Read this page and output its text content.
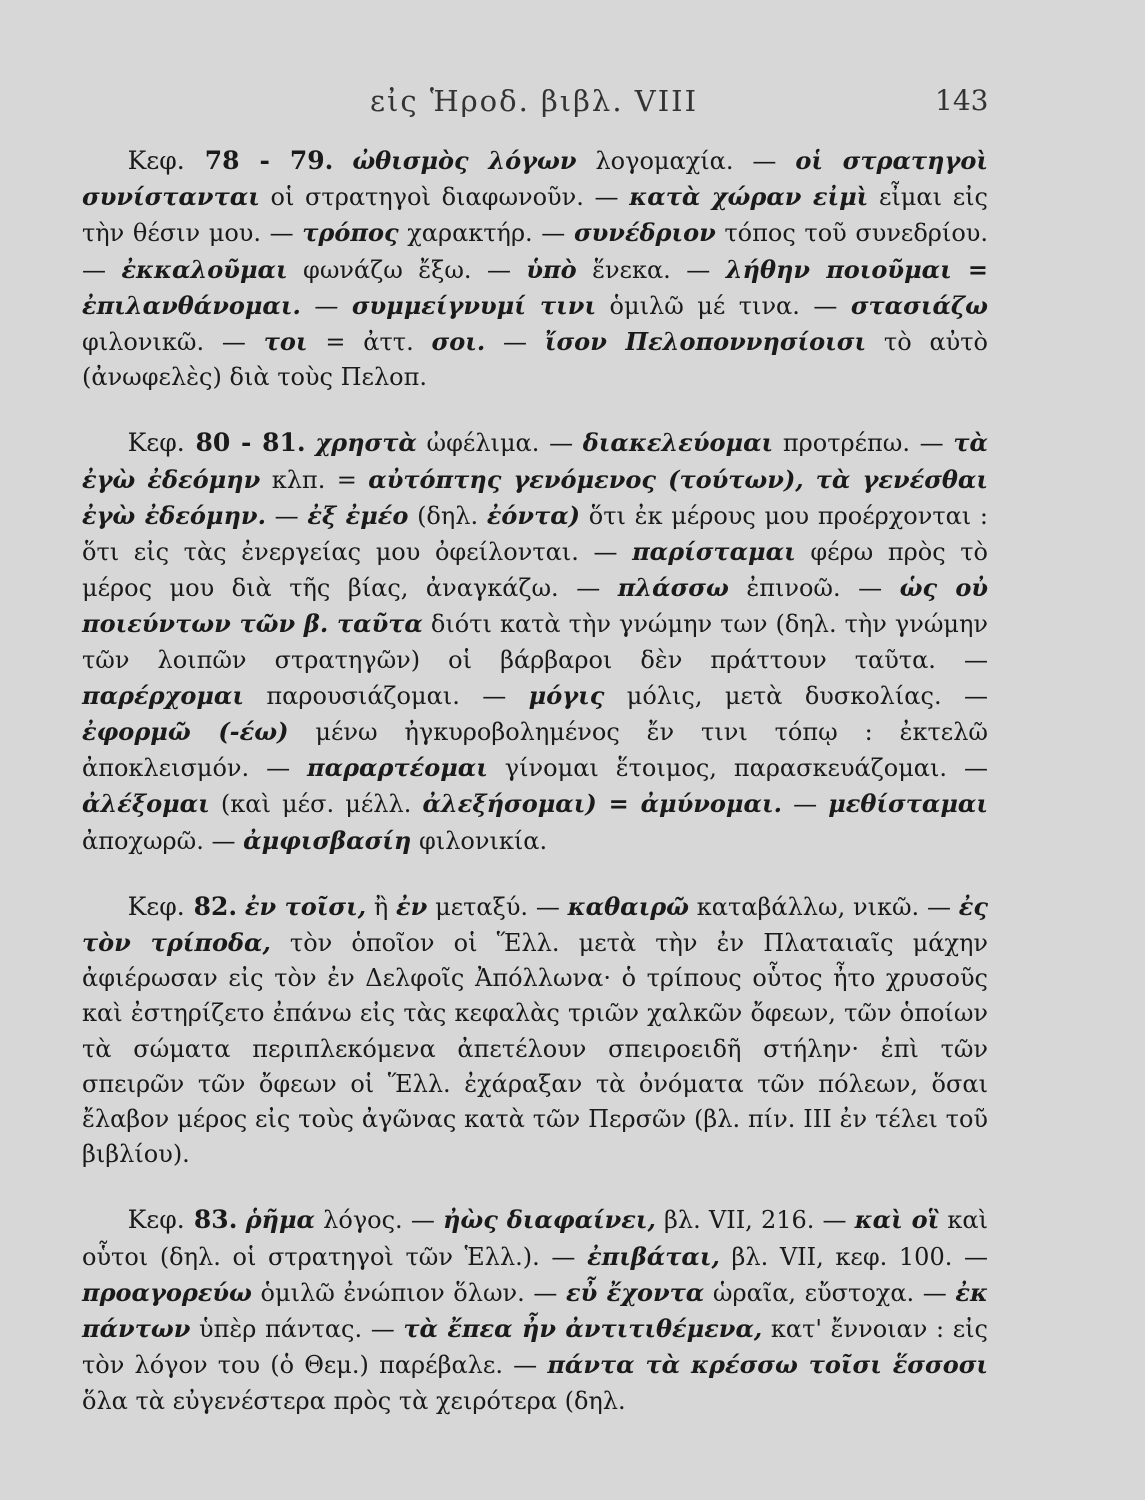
εἰς Ἡροδ. βιβλ. VIII	143

Κεφ. 78 - 79. ὠθισμὸς λόγων λογομαχία. — οἱ στρατηγοὶ συνίστανται οἱ στρατηγοὶ διαφωνοῦν. — κατὰ χώραν εἰμὶ εἶμαι εἰς τὴν θέσιν μου. — τρόπος χαρακτήρ. — συνέδριον τόπος τοῦ συνεδρίου. — ἐκκαλοῦμαι φωνάζω ἔξω. — ὑπὸ ἕνεκα. — λήθην ποιοῦμαι = ἐπιλανθάνομαι. — συμμείγνυμί τινι ὁμιλῶ μέ τινα. — στασιάζω φιλονικῶ. — τοι = ἀττ. σοι. — ἴσον Πελοποννησίοισι τὸ αὐτὸ (ἀνωφελὲς) διὰ τοὺς Πελοπ.

Κεφ. 80 - 81. χρηστὰ ὠφέλιμα. — διακελεύομαι προτρέπω. — τὰ ἐγὼ ἐδεόμην κλπ. = αὐτόπτης γενόμενος (τούτων), τὰ γενέσθαι ἐγὼ ἐδεόμην. — ἐξ ἐμέο (δηλ. ἐόντα) ὅτι ἐκ μέρους μου προέρχονται : ὅτι εἰς τὰς ἐνεργείας μου ὀφείλονται. — παρίσταμαι φέρω πρὸς τὸ μέρος μου διὰ τῆς βίας, ἀναγκάζω. — πλάσσω ἐπινοῶ. — ὡς οὐ ποιεύντων τῶν β. ταῦτα διότι κατὰ τὴν γνώμην των (δηλ. τὴν γνώμην τῶν λοιπῶν στρατηγῶν) οἱ βάρβαροι δὲν πράττουν ταῦτα. — παρέρχομαι παρουσιάζομαι. — μόγις μόλις, μετὰ δυσκολίας. — ἐφορμῶ (-έω) μένω ἠγκυροβολημένος ἔν τινι τόπῳ : ἐκτελῶ ἀποκλεισμόν. — παραρτέομαι γίνομαι ἕτοιμος, παρασκευάζομαι. — ἀλέξομαι (καὶ μέσ. μέλλ. ἀλεξήσομαι) = ἀμύνομαι. — μεθίσταμαι ἀποχωρῶ. — ἀμφισβασίη φιλονικία.

Κεφ. 82. ἐν τοῖσι, ἢ ἐν μεταξύ. — καθαιρῶ καταβάλλω, νικῶ. — ἐς τὸν τρίποδα, τὸν ὁποῖον οἱ Ἕλλ. μετὰ τὴν ἐν Πλαταιαῖς μάχην ἀφιέρωσαν εἰς τὸν ἐν Δελφοῖς Ἀπόλλωνα· ὁ τρίπους οὗτος ἦτο χρυσοῦς καὶ ἐστηρίζετο ἐπάνω εἰς τὰς κεφαλὰς τριῶν χαλκῶν ὄφεων, τῶν ὁποίων τὰ σώματα περιπλεκόμενα ἀπετέλουν σπειροειδῆ στήλην· ἐπὶ τῶν σπειρῶν τῶν ὄφεων οἱ Ἕλλ. ἐχάραξαν τὰ ὀνόματα τῶν πόλεων, ὅσαι ἔλαβον μέρος εἰς τοὺς ἀγῶνας κατὰ τῶν Περσῶν (βλ. πίν. III ἐν τέλει τοῦ βιβλίου).

Κεφ. 83. ῥῆμα λόγος. — ἠὼς διαφαίνει, βλ. VII, 216. — καὶ οἳ καὶ οὗτοι (δηλ. οἱ στρατηγοὶ τῶν Ἑλλ.). — ἐπιβάται, βλ. VII, κεφ. 100. — προαγορεύω ὁμιλῶ ἐνώπιον ὅλων. — εὖ ἔχοντα ὡραῖα, εὔστοχα. — ἐκ πάντων ὑπὲρ πάντας. — τὰ ἔπεα ἦν ἀντιτιθέμενα, κατ' ἔννοιαν : εἰς τὸν λόγον του (ὁ Θεμ.) παρέβαλε. — πάντα τὰ κρέσσω τοῖσι ἕσσοσι ὅλα τὰ εὐγενέστερα πρὸς τὰ χειρότερα (δηλ.
